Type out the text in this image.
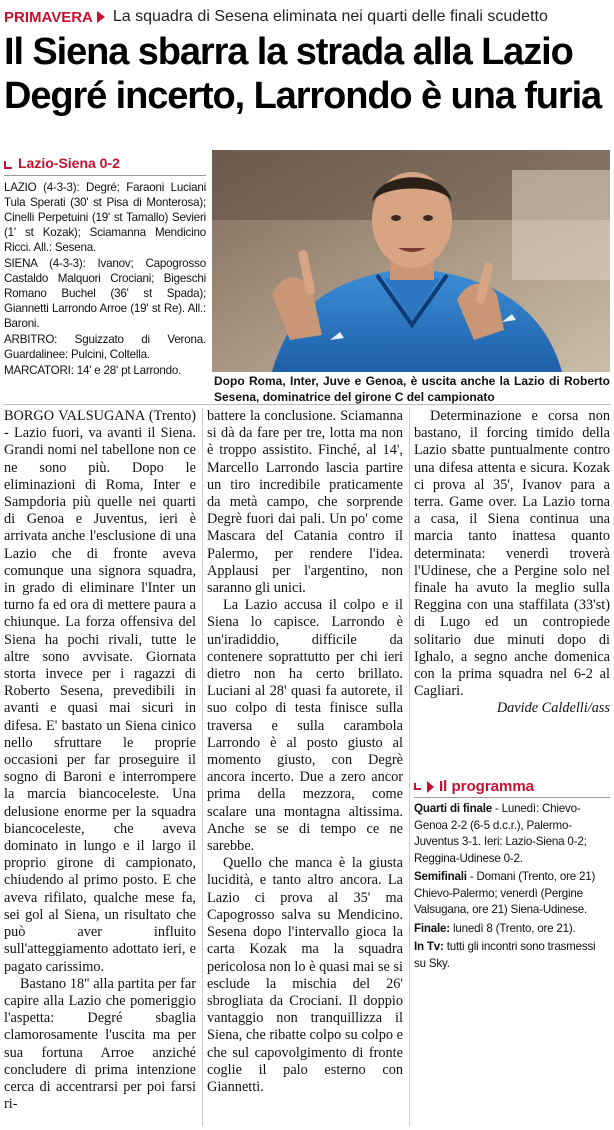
PRIMAVERA La squadra di Sesena eliminata nei quarti delle finali scudetto
Il Siena sbarra la strada alla Lazio
Degré incerto, Larrondo è una furia
Lazio-Siena 0-2

LAZIO (4-3-3): Degré; Faraoni Luciani Tula Sperati (30' st Pisa di Monterosa); Cinelli Perpetuini (19' st Tamallo) Sevieri (1' st Kozak); Sciamanna Mendicino Ricci. All.: Sesena.

SIENA (4-3-3): Ivanov; Capogrosso Castaldo Malquori Crociani; Bigeschi Romano Buchel (36' st Spada); Giannetti Larrondo Arroe (19' st Re). All.: Baroni.

ARBITRO: Sguizzato di Verona. Guardalinee: Pulcini, Coltella.

MARCATORI: 14' e 28' pt Larrondo.

Dopo Roma, Inter, Juve e Genoa, è uscita anche la Lazio di Roberto Sesena, dominatrice del girone C del campionato

BORGO VALSUGANA (Trento) - Lazio fuori, va avanti il Siena. Grandi nomi nel tabellone non ce ne sono più. Dopo le eliminazioni di Roma, Inter e Sampdoria più quelle nei quarti di Genoa e Juventus, ieri è arrivata anche l'esclusione di una Lazio che di fronte aveva comunque una signora squadra, in grado di eliminare l'Inter un turno fa ed ora di mettere paura a chiunque. La forza offensiva del Siena ha pochi rivali, tutte le altre sono avvisate. Giornata storta invece per i ragazzi di Roberto Sesena, prevedibili in avanti e quasi mai sicuri in difesa. E' bastato un Siena cinico nello sfruttare le proprie occasioni per far proseguire il sogno di Baroni e interrompere la marcia biancoceleste. Una delusione enorme per la squadra biancoceleste, che aveva dominato in lungo e il largo il proprio girone di campionato, chiudendo al primo posto. E che aveva rifilato, qualche mese fa, sei gol al Siena, un risultato che può aver influito sull'atteggiamento adottato ieri, e pagato carissimo.

Bastano 18'' alla partita per far capire alla Lazio che pomeriggio l'aspetta: Degré sbaglia clamorosamente l'uscita ma per sua fortuna Arroe anziché concludere di prima intenzione cerca di accentrarsi per poi farsi ri-

battere la conclusione. Sciamanna si dà da fare per tre, lotta ma non è troppo assistito. Finché, al 14', Marcello Larrondo lascia partire un tiro incredibile praticamente da metà campo, che sorprende Degrè fuori dai pali. Un po' come Mascara del Catania contro il Palermo, per rendere l'idea. Applausi per l'argentino, non saranno gli unici.

La Lazio accusa il colpo e il Siena lo capisce. Larrondo è un'iradiddio, difficile da contenere soprattutto per chi ieri dietro non ha certo brillato. Luciani al 28' quasi fa autorete, il suo colpo di testa finisce sulla traversa e sulla carambola Larrondo è al posto giusto al momento giusto, con Degrè ancora incerto. Due a zero ancor prima della mezzora, come scalare una montagna altissima. Anche se se di tempo ce ne sarebbe.

Quello che manca è la giusta lucidità, e tanto altro ancora. La Lazio ci prova al 35' ma Capogrosso salva su Mendicino. Sesena dopo l'intervallo gioca la carta Kozak ma la squadra pericolosa non lo è quasi mai se si esclude la mischia del 26' sbrogliata da Crociani. Il doppio vantaggio non tranquillizza il Siena, che ribatte colpo su colpo e che sul capovolgimento di fronte coglie il palo esterno con Giannetti.

Determinazione e corsa non bastano, il forcing timido della Lazio sbatte puntualmente contro una difesa attenta e sicura. Kozak ci prova al 35', Ivanov para a terra. Game over. La Lazio torna a casa, il Siena continua una marcia tanto inattesa quanto determinata: venerdì troverà l'Udinese, che a Pergine solo nel finale ha avuto la meglio sulla Reggina con una staffilata (33'st) di Lugo ed un contropiede solitario due minuti dopo di Ighalo, a segno anche domenica con la prima squadra nel 6-2 al Cagliari.

Davide Caldelli/ass

Il programma

Quarti di finale - Lunedì: Chievo-Genoa 2-2 (6-5 d.c.r.), Palermo-Juventus 3-1. Ieri: Lazio-Siena 0-2; Reggina-Udinese 0-2.

Semifinali - Domani (Trento, ore 21) Chievo-Palermo; venerdì (Pergine Valsugana, ore 21) Siena-Udinese.

Finale: lunedì 8 (Trento, ore 21).

In Tv: tutti gli incontri sono trasmessi su Sky.
